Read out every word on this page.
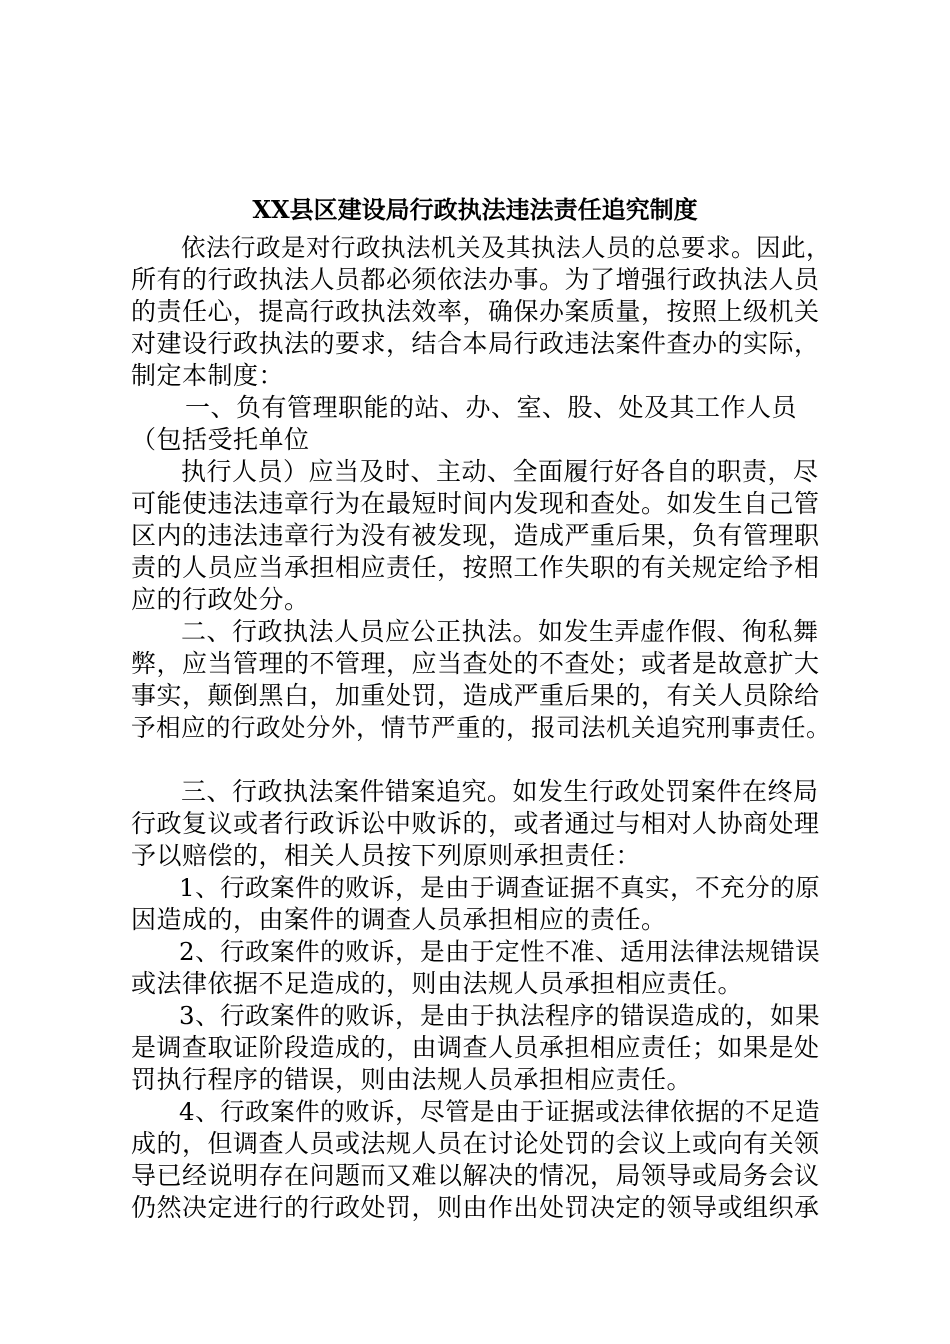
XX县区建设局行政执法违法责任追究制度
依法行政是对行政执法机关及其执法人员的总要求。因此，
所有的行政执法人员都必须依法办事。为了增强行政执法人员
的责任心，提高行政执法效率，确保办案质量，按照上级机关
对建设行政执法的要求，结合本局行政违法案件查办的实际，
制定本制度：
一、负有管理职能的站、办、室、股、处及其工作人员
（包括受托单位
执行人员）应当及时、主动、全面履行好各自的职责，尽
可能使违法违章行为在最短时间内发现和查处。如发生自己管
区内的违法违章行为没有被发现，造成严重后果，负有管理职
责的人员应当承担相应责任，按照工作失职的有关规定给予相
应的行政处分。
二、行政执法人员应公正执法。如发生弄虚作假、徇私舞
弊，应当管理的不管理，应当查处的不查处；或者是故意扩大
事实，颠倒黑白，加重处罚，造成严重后果的，有关人员除给
予相应的行政处分外，情节严重的，报司法机关追究刑事责任。
三、行政执法案件错案追究。如发生行政处罚案件在终局
行政复议或者行政诉讼中败诉的，或者通过与相对人协商处理
予以赔偿的，相关人员按下列原则承担责任：
1、行政案件的败诉，是由于调查证据不真实，不充分的原
因造成的，由案件的调查人员承担相应的责任。
2、行政案件的败诉，是由于定性不准、适用法律法规错误
或法律依据不足造成的，则由法规人员承担相应责任。
3、行政案件的败诉，是由于执法程序的错误造成的，如果
是调查取证阶段造成的，由调查人员承担相应责任；如果是处
罚执行程序的错误，则由法规人员承担相应责任。
4、行政案件的败诉，尽管是由于证据或法律依据的不足造
成的，但调查人员或法规人员在讨论处罚的会议上或向有关领
导已经说明存在问题而又难以解决的情况，局领导或局务会议
仍然决定进行的行政处罚，则由作出处罚决定的领导或组织承
